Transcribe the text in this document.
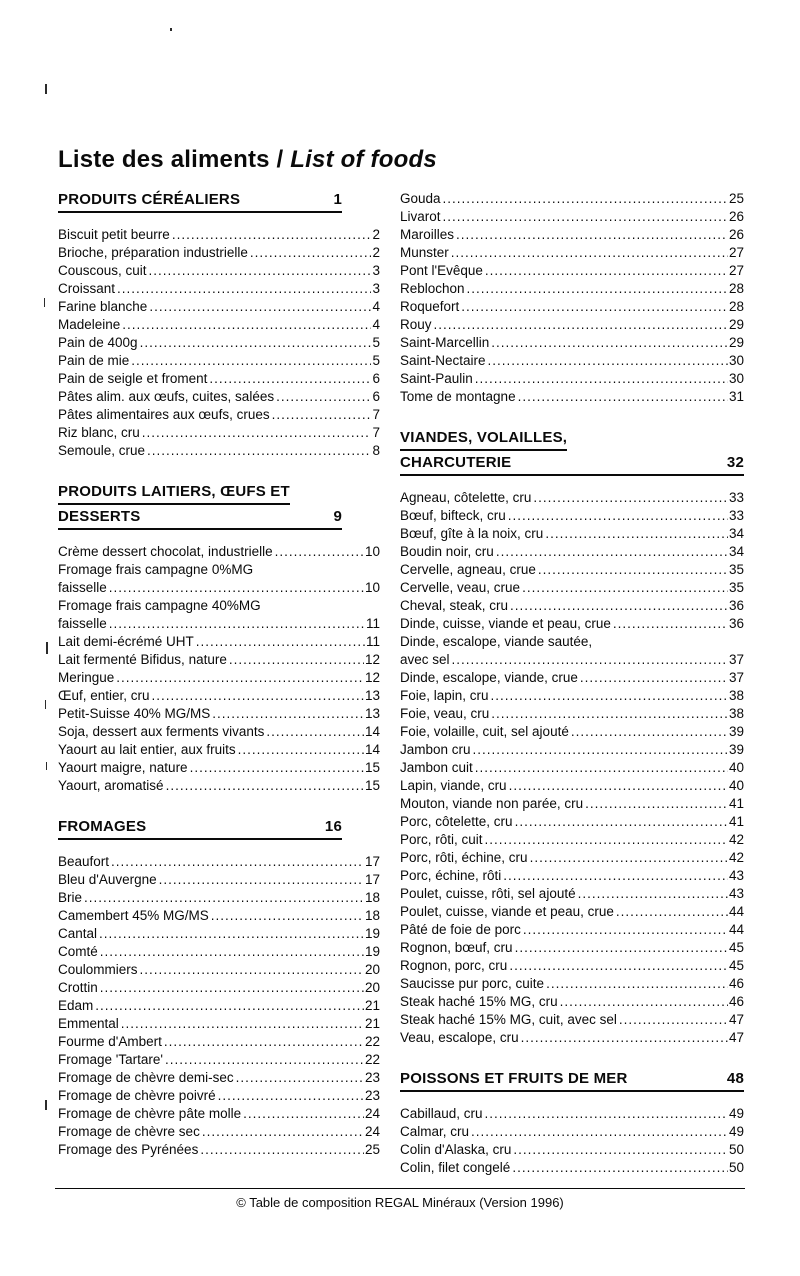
Liste des aliments / List of foods
PRODUITS CÉRÉALIERS	1
Biscuit petit beurre .....	2
Brioche, préparation industrielle .....	2
Couscous, cuit .....	3
Croissant .....	3
Farine blanche .....	4
Madeleine .....	4
Pain de 400g .....	5
Pain de mie .....	5
Pain de seigle et froment .....	6
Pâtes alim. aux œufs, cuites, salées .....	6
Pâtes alimentaires aux œufs, crues .....	7
Riz blanc, cru .....	7
Semoule, crue .....	8
PRODUITS LAITIERS, ŒUFS ET
DESSERTS	9
Crème dessert chocolat, industrielle .....	10
Fromage frais campagne 0%MG
faisselle .....	10
Fromage frais campagne 40%MG
faisselle .....	11
Lait demi-écrémé UHT .....	11
Lait fermenté Bifidus, nature .....	12
Meringue .....	12
Œuf, entier, cru .....	13
Petit-Suisse 40% MG/MS .....	13
Soja, dessert aux ferments vivants .....	14
Yaourt au lait entier, aux fruits .....	14
Yaourt maigre, nature .....	15
Yaourt, aromatisé .....	15
FROMAGES	16
Beaufort .....	17
Bleu d'Auvergne .....	17
Brie .....	18
Camembert 45% MG/MS .....	18
Cantal .....	19
Comté .....	19
Coulommiers .....	20
Crottin .....	20
Edam .....	21
Emmental .....	21
Fourme d'Ambert .....	22
Fromage 'Tartare' .....	22
Fromage de chèvre demi-sec .....	23
Fromage de chèvre poivré .....	23
Fromage de chèvre pâte molle .....	24
Fromage de chèvre sec .....	24
Fromage des Pyrénées .....	25
Gouda .....	25
Livarot .....	26
Maroilles .....	26
Munster .....	27
Pont l'Evêque .....	27
Reblochon .....	28
Roquefort .....	28
Rouy .....	29
Saint-Marcellin .....	29
Saint-Nectaire .....	30
Saint-Paulin .....	30
Tome de montagne .....	31
VIANDES, VOLAILLES,
CHARCUTERIE	32
Agneau, côtelette, cru .....	33
Bœuf, bifteck, cru .....	33
Bœuf, gîte à la noix, cru .....	34
Boudin noir, cru .....	34
Cervelle, agneau, crue .....	35
Cervelle, veau, crue .....	35
Cheval, steak, cru .....	36
Dinde, cuisse, viande et peau, crue .....	36
Dinde, escalope, viande sautée,
avec sel .....	37
Dinde, escalope, viande, crue .....	37
Foie, lapin, cru .....	38
Foie, veau, cru .....	38
Foie, volaille, cuit, sel ajouté .....	39
Jambon cru .....	39
Jambon cuit .....	40
Lapin, viande, cru .....	40
Mouton, viande non parée, cru .....	41
Porc, côtelette, cru .....	41
Porc, rôti, cuit .....	42
Porc, rôti, échine, cru .....	42
Porc, échine, rôti .....	43
Poulet, cuisse, rôti, sel ajouté .....	43
Poulet, cuisse, viande et peau, crue .....	44
Pâté de foie de porc .....	44
Rognon, bœuf, cru .....	45
Rognon, porc, cru .....	45
Saucisse pur porc, cuite .....	46
Steak haché 15% MG, cru .....	46
Steak haché 15% MG, cuit, avec sel .....	47
Veau, escalope, cru .....	47
POISSONS ET FRUITS DE MER	48
Cabillaud, cru .....	49
Calmar, cru .....	49
Colin d'Alaska, cru .....	50
Colin, filet congelé .....	50
© Table de composition REGAL Minéraux (Version 1996)
